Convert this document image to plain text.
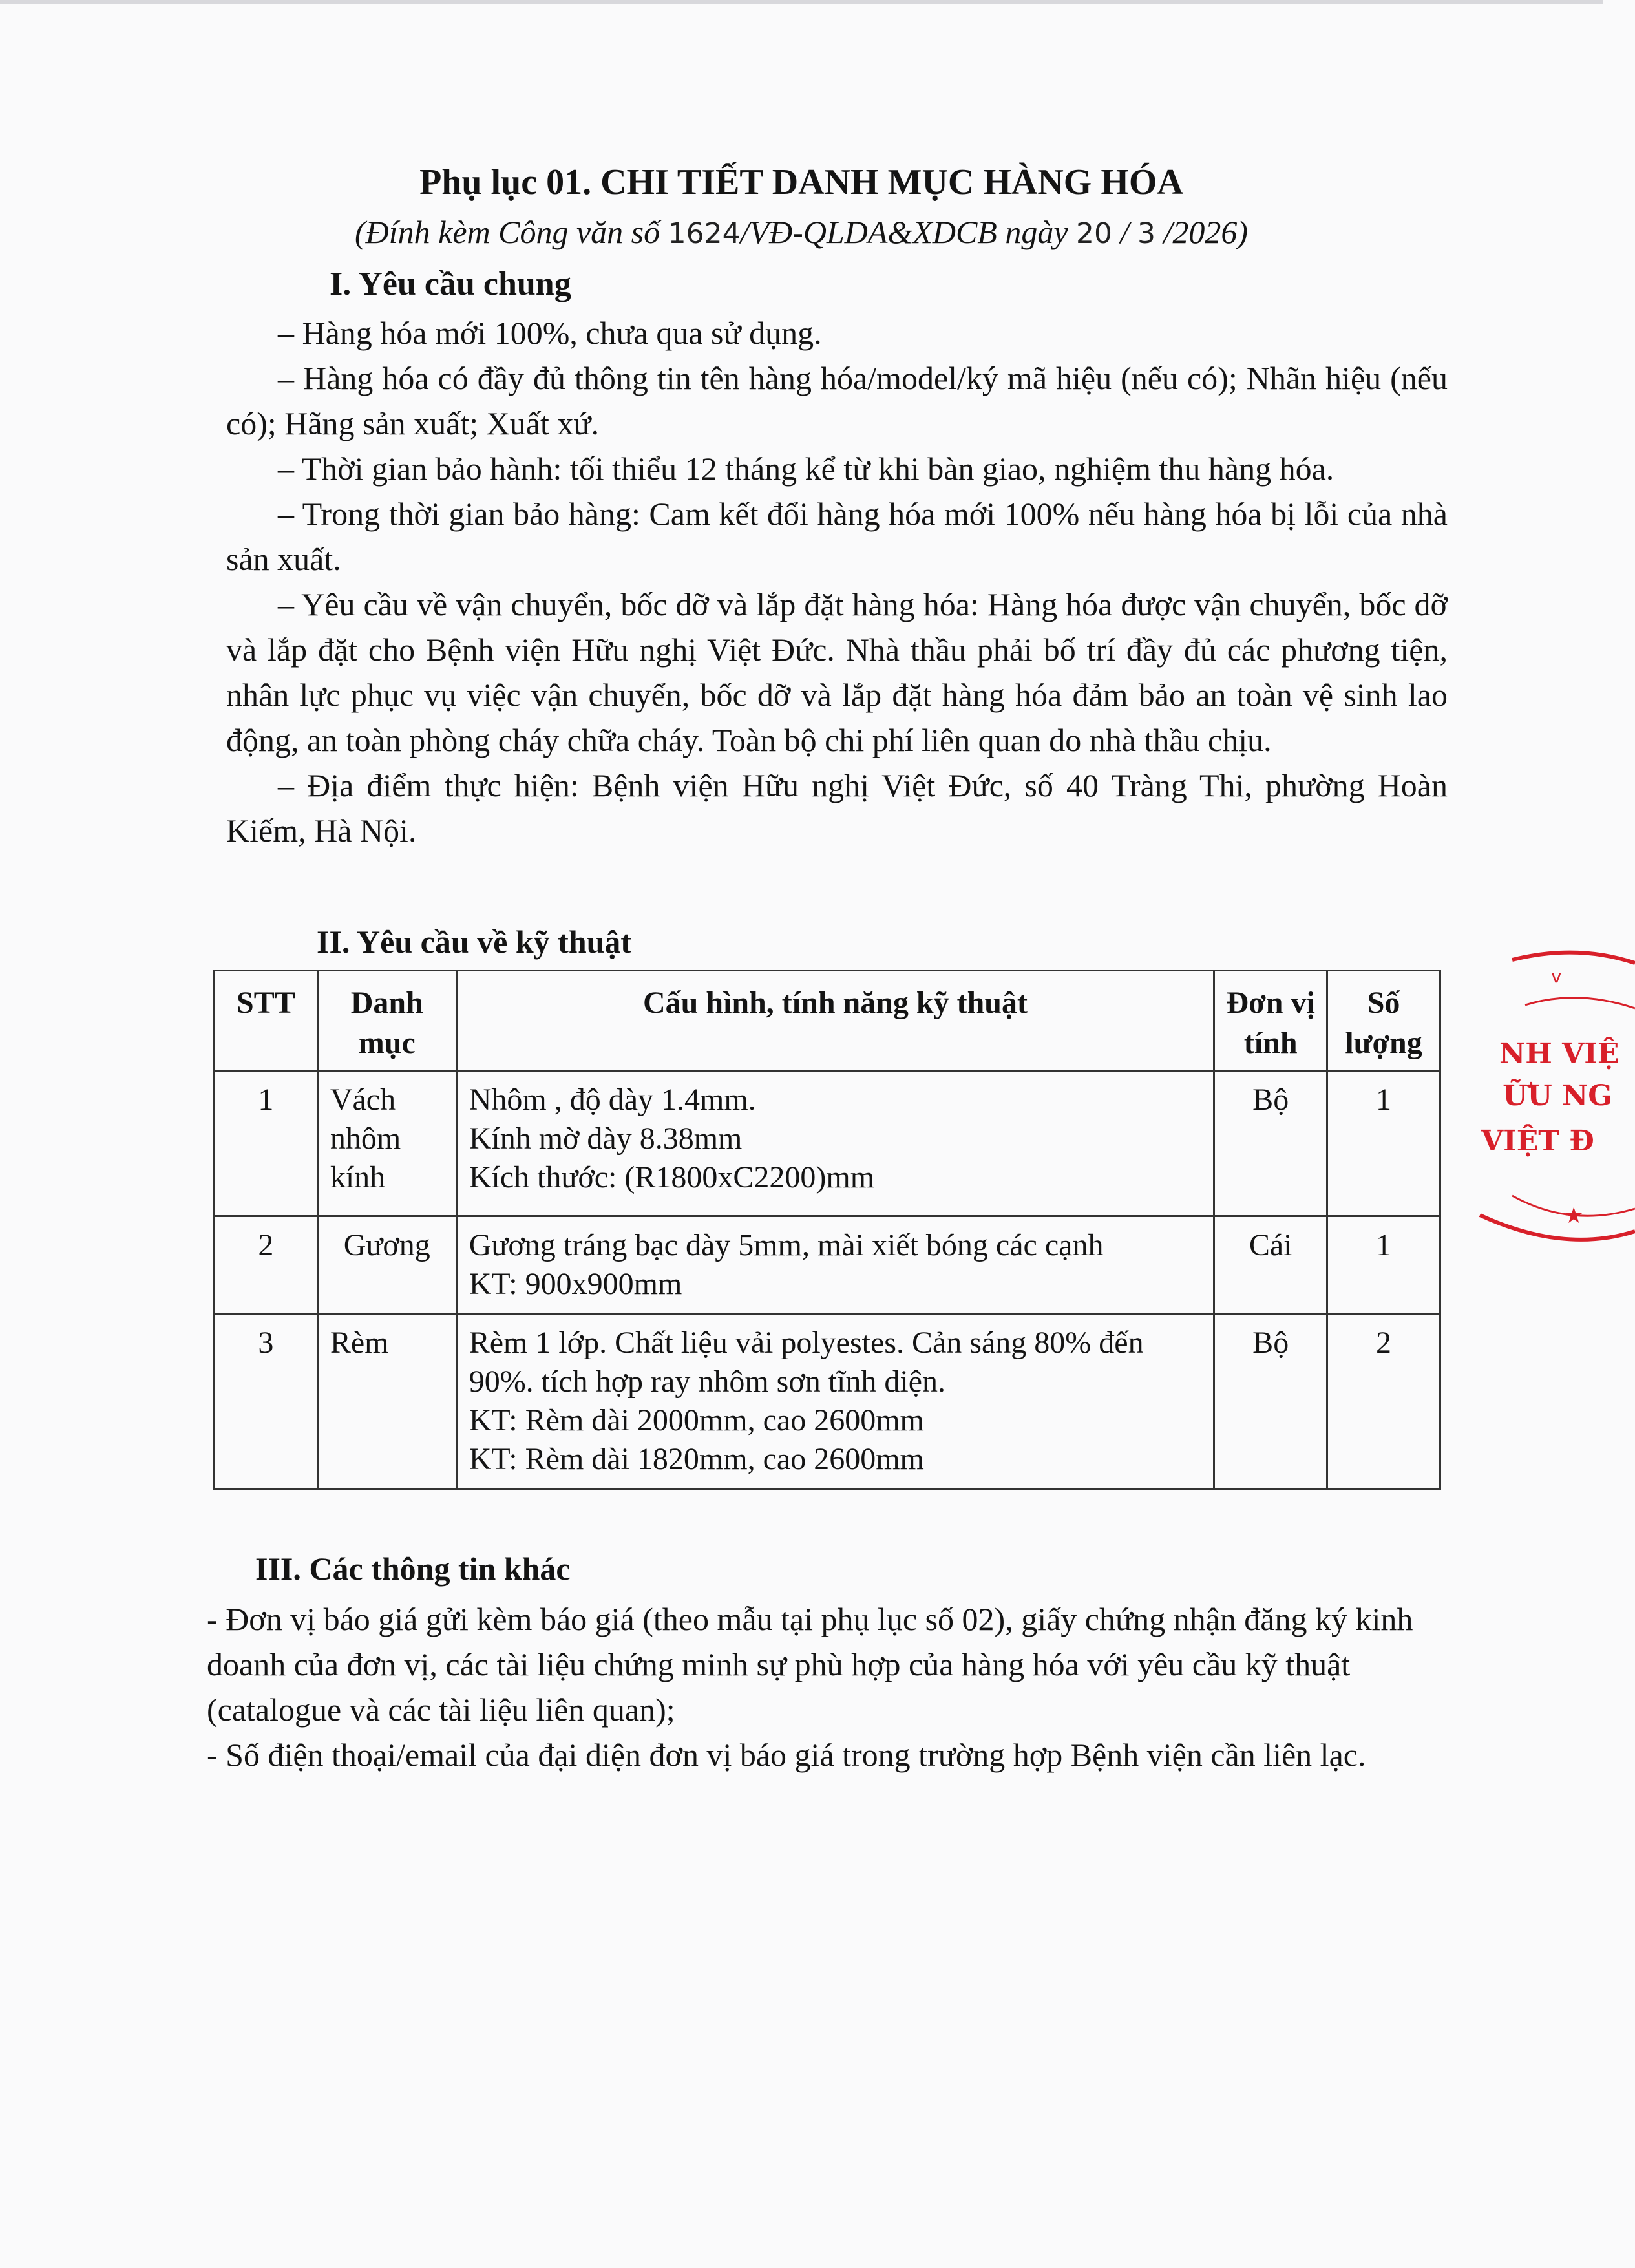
Phụ lục 01. CHI TIẾT DANH MỤC HÀNG HÓA
(Đính kèm Công văn số 1624/VĐ-QLDA&XDCB ngày 20 / 3 /2026)
I. Yêu cầu chung

– Hàng hóa mới 100%, chưa qua sử dụng.

– Hàng hóa có đầy đủ thông tin tên hàng hóa/model/ký mã hiệu (nếu có); Nhãn hiệu (nếu có); Hãng sản xuất; Xuất xứ.

– Thời gian bảo hành: tối thiểu 12 tháng kể từ khi bàn giao, nghiệm thu hàng hóa.

– Trong thời gian bảo hàng: Cam kết đổi hàng hóa mới 100% nếu hàng hóa bị lỗi của nhà sản xuất.

– Yêu cầu về vận chuyển, bốc dỡ và lắp đặt hàng hóa: Hàng hóa được vận chuyển, bốc dỡ và lắp đặt cho Bệnh viện Hữu nghị Việt Đức. Nhà thầu phải bố trí đầy đủ các phương tiện, nhân lực phục vụ việc vận chuyển, bốc dỡ và lắp đặt hàng hóa đảm bảo an toàn vệ sinh lao động, an toàn phòng cháy chữa cháy. Toàn bộ chi phí liên quan do nhà thầu chịu.

– Địa điểm thực hiện: Bệnh viện Hữu nghị Việt Đức, số 40 Tràng Thi, phường Hoàn Kiếm, Hà Nội.

II. Yêu cầu về kỹ thuật
STT	Danh mục	Cấu hình, tính năng kỹ thuật	Đơn vị tính	Số lượng
1	Vách nhôm kính	Nhôm , độ dày 1.4mm.
Kính mờ dày 8.38mm
Kích thước: (R1800xC2200)mm	Bộ	1
2	Gương	Gương tráng bạc dày 5mm, mài xiết bóng các cạnh
KT: 900x900mm	Cái	1
3	Rèm	Rèm 1 lớp. Chất liệu vải polyestes. Cản sáng 80% đến 90%. tích hợp ray nhôm sơn tĩnh diện.
KT: Rèm dài 2000mm, cao 2600mm
KT: Rèm dài 1820mm, cao 2600mm	Bộ	2
III. Các thông tin khác

- Đơn vị báo giá gửi kèm báo giá (theo mẫu tại phụ lục số 02), giấy chứng nhận đăng ký kinh doanh của đơn vị, các tài liệu chứng minh sự phù hợp của hàng hóa với yêu cầu kỹ thuật (catalogue và các tài liệu liên quan);

- Số điện thoại/email của đại diện đơn vị báo giá trong trường hợp Bệnh viện cần liên lạc.

v
★
NH VIỆ
ỮU NG
VIỆT Đ
